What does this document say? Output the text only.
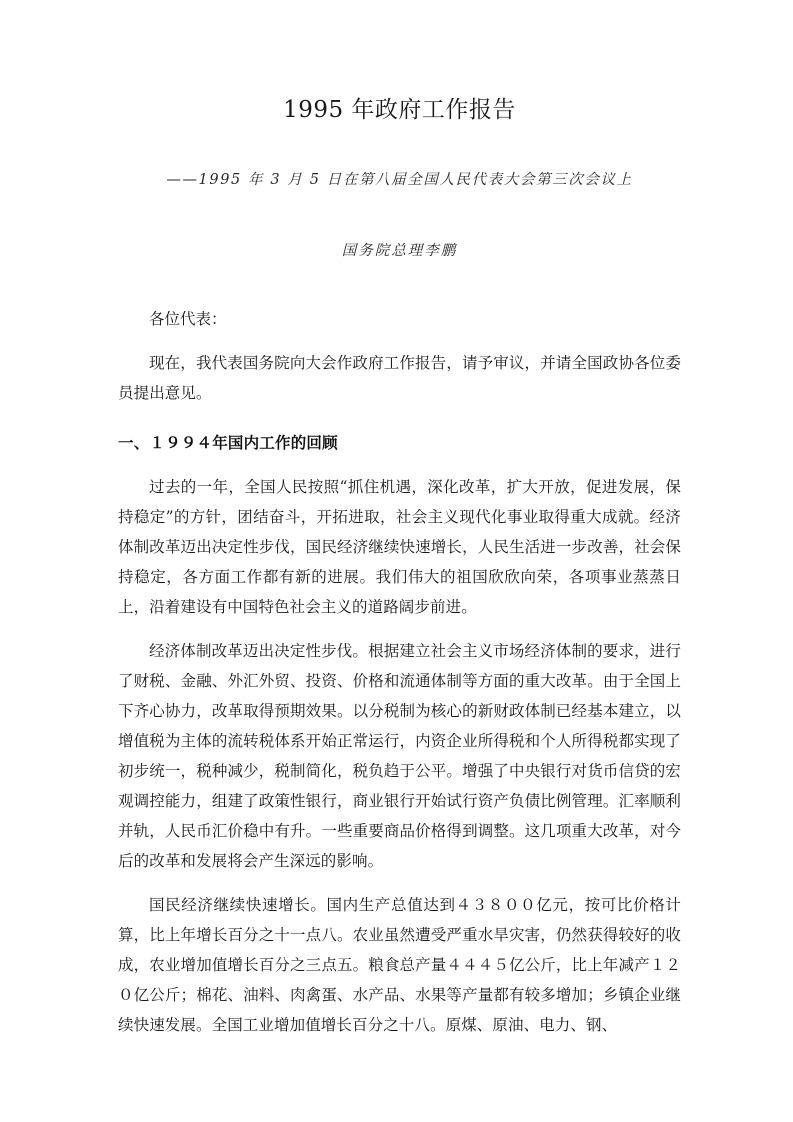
1995 年政府工作报告

——1995 年 3 月 5 日在第八届全国人民代表大会第三次会议上

国务院总理李鹏

各位代表：

现在，我代表国务院向大会作政府工作报告，请予审议，并请全国政协各位委员提出意见。

一、１９９４年国内工作的回顾

过去的一年，全国人民按照“抓住机遇，深化改革，扩大开放，促进发展，保持稳定”的方针，团结奋斗，开拓进取，社会主义现代化事业取得重大成就。经济体制改革迈出决定性步伐，国民经济继续快速增长，人民生活进一步改善，社会保持稳定，各方面工作都有新的进展。我们伟大的祖国欣欣向荣，各项事业蒸蒸日上，沿着建设有中国特色社会主义的道路阔步前进。

经济体制改革迈出决定性步伐。根据建立社会主义市场经济体制的要求，进行了财税、金融、外汇外贸、投资、价格和流通体制等方面的重大改革。由于全国上下齐心协力，改革取得预期效果。以分税制为核心的新财政体制已经基本建立，以增值税为主体的流转税体系开始正常运行，内资企业所得税和个人所得税都实现了初步统一，税种减少，税制简化，税负趋于公平。增强了中央银行对货币信贷的宏观调控能力，组建了政策性银行，商业银行开始试行资产负债比例管理。汇率顺利并轨，人民币汇价稳中有升。一些重要商品价格得到调整。这几项重大改革，对今后的改革和发展将会产生深远的影响。

国民经济继续快速增长。国内生产总值达到４３８００亿元，按可比价格计算，比上年增长百分之十一点八。农业虽然遭受严重水旱灾害，仍然获得较好的收成，农业增加值增长百分之三点五。粮食总产量４４４５亿公斤，比上年减产１２０亿公斤；棉花、油料、肉禽蛋、水产品、水果等产量都有较多增加；乡镇企业继续快速发展。全国工业增加值增长百分之十八。原煤、原油、电力、钢、
